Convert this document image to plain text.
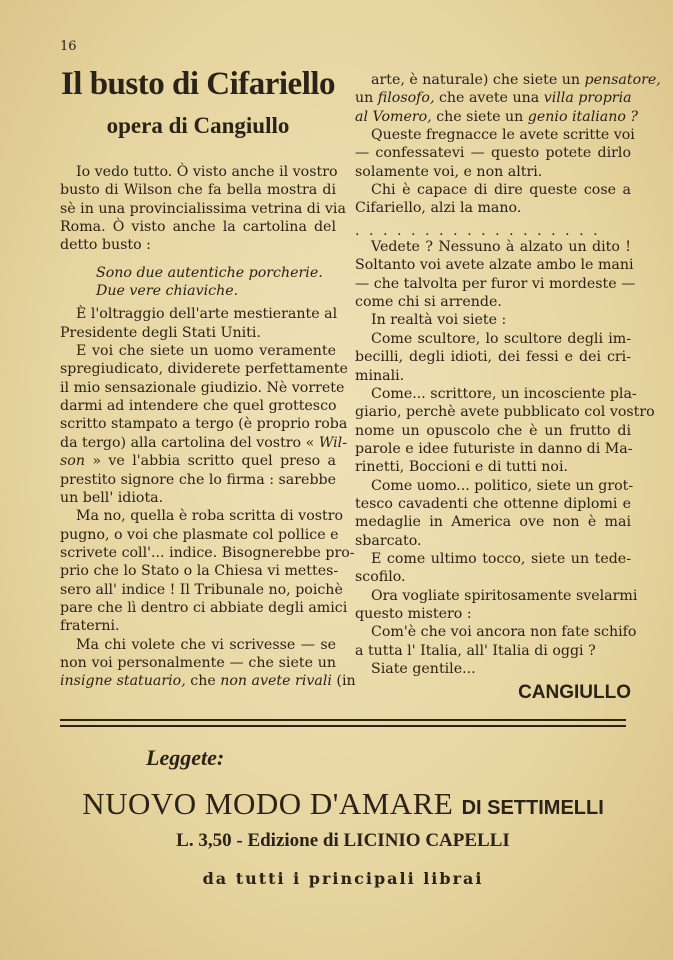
16
Il busto di Cifariello
opera di Cangiullo
Io vedo tutto. Ò visto anche il vostro
busto di Wilson che fa bella mostra di
sè in una provincialissima vetrina di via
Roma. Ò visto anche la cartolina del
detto busto :
Sono due autentiche porcherie.
Due vere chiaviche.
È l'oltraggio dell'arte mestierante al
Presidente degli Stati Uniti.
E voi che siete un uomo veramente
spregiudicato, dividerete perfettamente
il mio sensazionale giudizio. Nè vorrete
darmi ad intendere che quel grottesco
scritto stampato a tergo (è proprio roba
da tergo) alla cartolina del vostro « Wil-
son » ve l'abbia scritto quel preso a
prestito signore che lo firma : sarebbe
un bell' idiota.
Ma no, quella è roba scritta di vostro
pugno, o voi che plasmate col pollice e
scrivete coll'... indice. Bisognerebbe pro-
prio che lo Stato o la Chiesa vi mettes-
sero all' indice ! Il Tribunale no, poichè
pare che lì dentro ci abbiate degli amici
fraterni.
Ma chi volete che vi scrivesse — se
non voi personalmente — che siete un
insigne statuario, che non avete rivali (in
arte, è naturale) che siete un pensatore,
un filosofo, che avete una villa propria
al Vomero, che siete un genio italiano ?
Queste fregnacce le avete scritte voi
— confessatevi — questo potete dirlo
solamente voi, e non altri.
Chi è capace di dire queste cose a
Cifariello, alzi la mano.
..................
Vedete ? Nessuno à alzato un dito !
Soltanto voi avete alzate ambo le mani
— che talvolta per furor vi mordeste —
come chi si arrende.
In realtà voi siete :
Come scultore, lo scultore degli im-
becilli, degli idioti, dei fessi e dei cri-
minali.
Come... scrittore, un incosciente pla-
giario, perchè avete pubblicato col vostro
nome un opuscolo che è un frutto di
parole e idee futuriste in danno di Ma-
rinetti, Boccioni e di tutti noi.
Come uomo... politico, siete un grot-
tesco cavadenti che ottenne diplomi e
medaglie in America ove non è mai
sbarcato.
E come ultimo tocco, siete un tede-
scofilo.
Ora vogliate spiritosamente svelarmi
questo mistero :
Com'è che voi ancora non fate schifo
a tutta l' Italia, all' Italia di oggi ?
Siate gentile...
CANGIULLO
Leggete:
NUOVO MODO D'AMARE DI SETTIMELLI
L. 3,50 - Edizione di LICINIO CAPELLI
da tutti i principali librai
